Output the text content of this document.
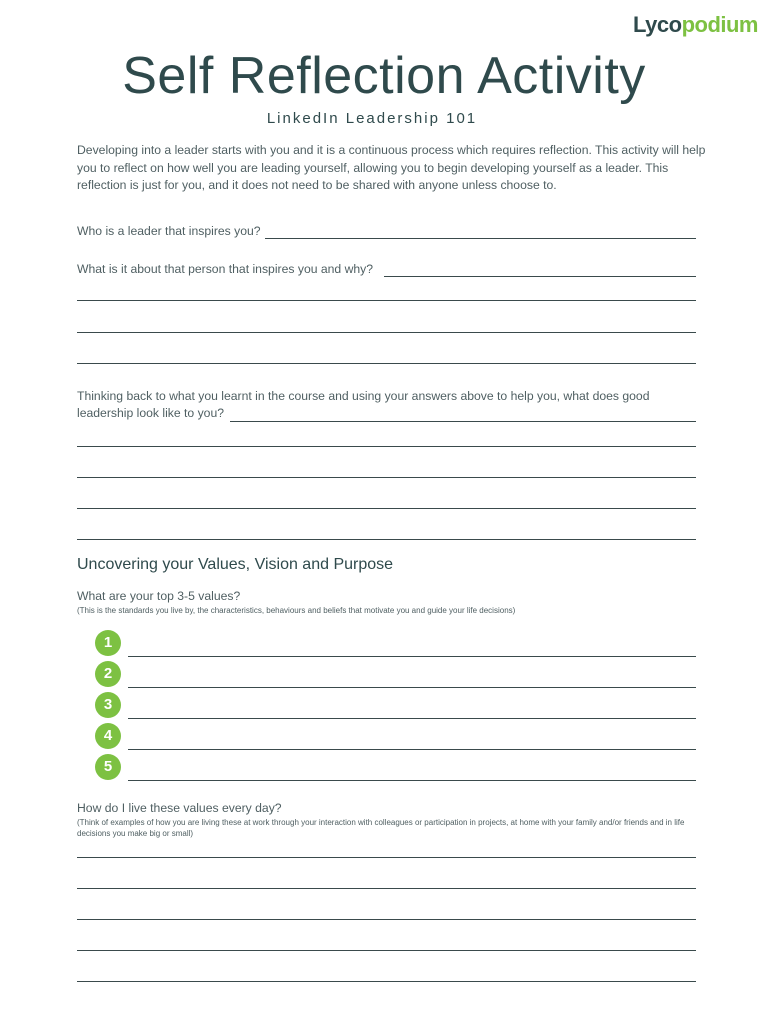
Lycopodium
Self Reflection Activity
LinkedIn Leadership 101
Developing into a leader starts with you and it is a continuous process which requires reflection. This activity will help you to reflect on how well you are leading yourself, allowing you to begin developing yourself as a leader. This reflection is just for you, and it does not need to be shared with anyone unless choose to.
Who is a leader that inspires you?
What is it about that person that inspires you and why?
Thinking back to what you learnt in the course and using your answers above to help you, what does good
leadership look like to you?
Uncovering your Values, Vision and Purpose
What are your top 3-5 values?
(This is the standards you live by, the characteristics, behaviours and beliefs that motivate you and guide your life decisions)
1
2
3
4
5
How do I live these values every day?
(Think of examples of how you are living these at work through your interaction with colleagues or participation in projects, at home with your family and/or friends and in life decisions you make big or small)
